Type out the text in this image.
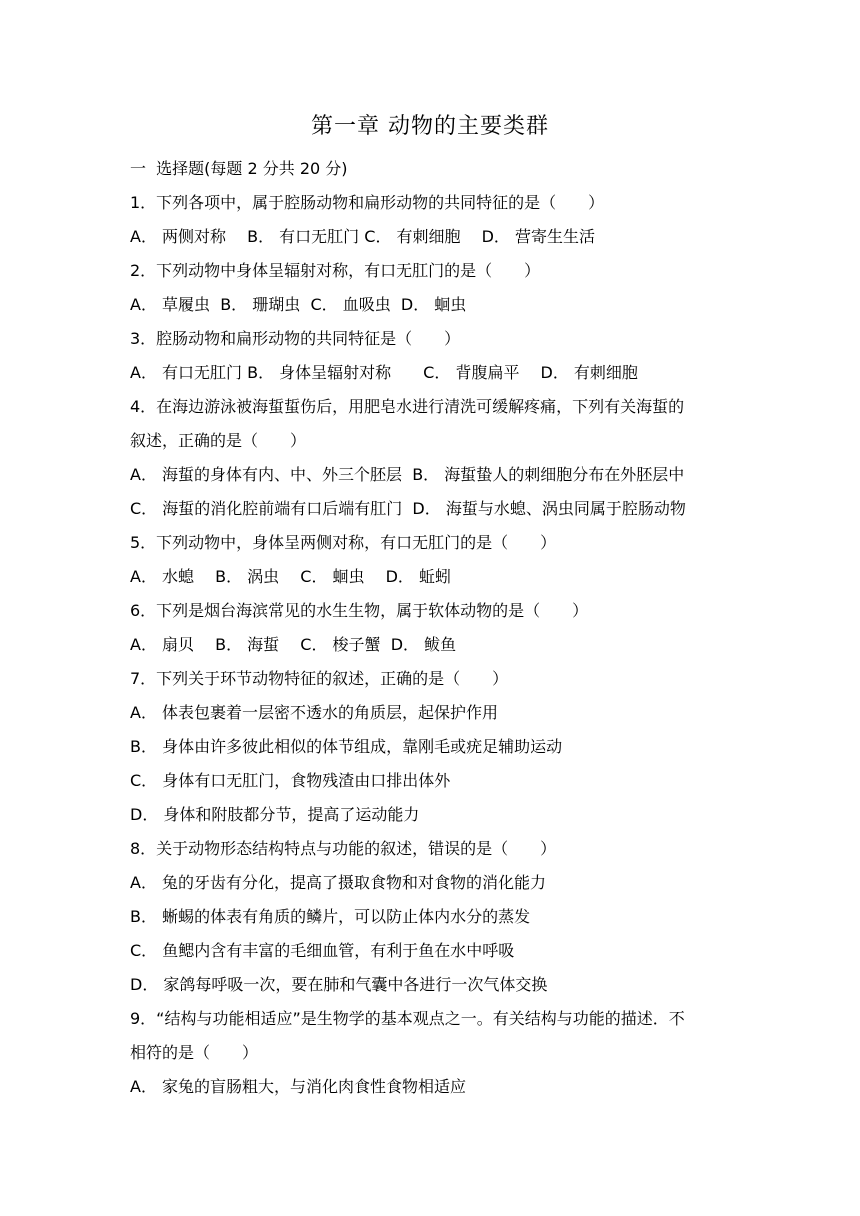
第一章 动物的主要类群
一  选择题(每题 2 分共 20 分)
1．下列各项中，属于腔肠动物和扁形动物的共同特征的是（　　）
A． 两侧对称　 B． 有口无肛门 C． 有刺细胞　 D． 营寄生生活
2．下列动物中身体呈辐射对称，有口无肛门的是（　　）
A． 草履虫  B． 珊瑚虫  C． 血吸虫  D． 蛔虫
3．腔肠动物和扁形动物的共同特征是（　　）
A． 有口无肛门 B． 身体呈辐射对称　　C． 背腹扁平　 D． 有刺细胞
4．在海边游泳被海蜇蜇伤后，用肥皂水进行清洗可缓解疼痛，下列有关海蜇的
叙述，正确的是（　　）
A． 海蜇的身体有内、中、外三个胚层  B． 海蜇蛰人的刺细胞分布在外胚层中
C． 海蜇的消化腔前端有口后端有肛门  D． 海蜇与水螅、涡虫同属于腔肠动物
5．下列动物中，身体呈两侧对称，有口无肛门的是（　　）
A． 水螅　 B． 涡虫　 C． 蛔虫　 D． 蚯蚓
6．下列是烟台海滨常见的水生生物，属于软体动物的是（　　）
A． 扇贝　 B． 海蜇　 C． 梭子蟹  D． 鲅鱼
7．下列关于环节动物特征的叙述，正确的是（　　）
A． 体表包裹着一层密不透水的角质层，起保护作用
B． 身体由许多彼此相似的体节组成，靠刚毛或疣足辅助运动
C． 身体有口无肛门，食物残渣由口排出体外
D． 身体和附肢都分节，提高了运动能力
8．关于动物形态结构特点与功能的叙述，错误的是（　　）
A． 兔的牙齿有分化，提高了摄取食物和对食物的消化能力
B． 蜥蜴的体表有角质的鳞片，可以防止体内水分的蒸发
C． 鱼鳃内含有丰富的毛细血管，有利于鱼在水中呼吸
D． 家鸽每呼吸一次，要在肺和气囊中各进行一次气体交换
9．“结构与功能相适应”是生物学的基本观点之一。有关结构与功能的描述．不
相符的是（　　）
A． 家兔的盲肠粗大，与消化肉食性食物相适应
